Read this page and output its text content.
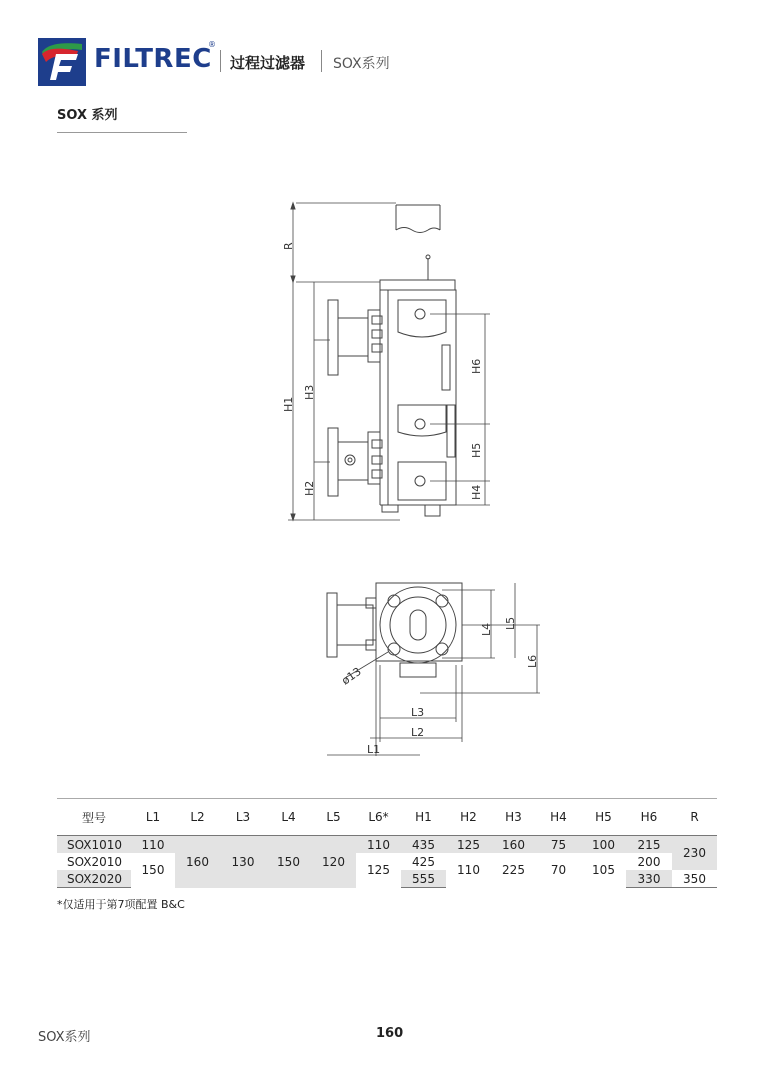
FILTREC
®
过程过滤器 SOX系列
SOX 系列
R
H1
H3
H2
H6
H5
H4
L4 L5
L6
L3
L2
L1
ø13
型号	L1	L2	L3	L4	L5	L6*	H1	H2	H3	H4	H5	H6	R
SOX1010	110	160	130	150	120	110	435	125	160	75	100	215	230
SOX2010	150					125	425	110	225	70	105	200	
SOX2020							555					330	350
*仅适用于第7项配置 B&C
SOX系列	160
